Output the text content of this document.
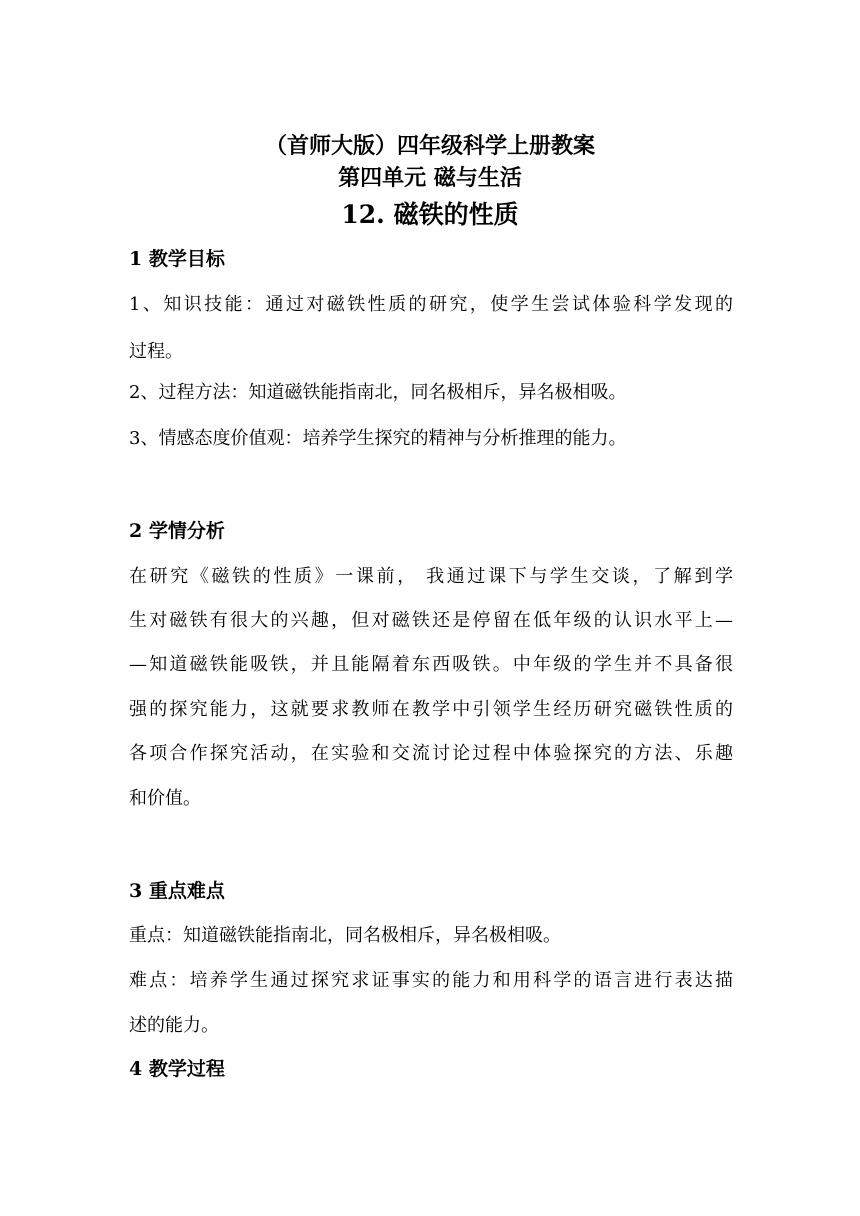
（首师大版）四年级科学上册教案
第四单元 磁与生活
12. 磁铁的性质
1 教学目标
1、知识技能：通过对磁铁性质的研究，使学生尝试体验科学发现的
过程。
2、过程方法：知道磁铁能指南北，同名极相斥，异名极相吸。
3、情感态度价值观：培养学生探究的精神与分析推理的能力。
2 学情分析
在研究《磁铁的性质》一课前， 我通过课下与学生交谈，了解到学
生对磁铁有很大的兴趣，但对磁铁还是停留在低年级的认识水平上—
—知道磁铁能吸铁，并且能隔着东西吸铁。中年级的学生并不具备很
强的探究能力，这就要求教师在教学中引领学生经历研究磁铁性质的
各项合作探究活动，在实验和交流讨论过程中体验探究的方法、乐趣
和价值。
3 重点难点
重点：知道磁铁能指南北，同名极相斥，异名极相吸。
难点：培养学生通过探究求证事实的能力和用科学的语言进行表达描
述的能力。
4 教学过程
